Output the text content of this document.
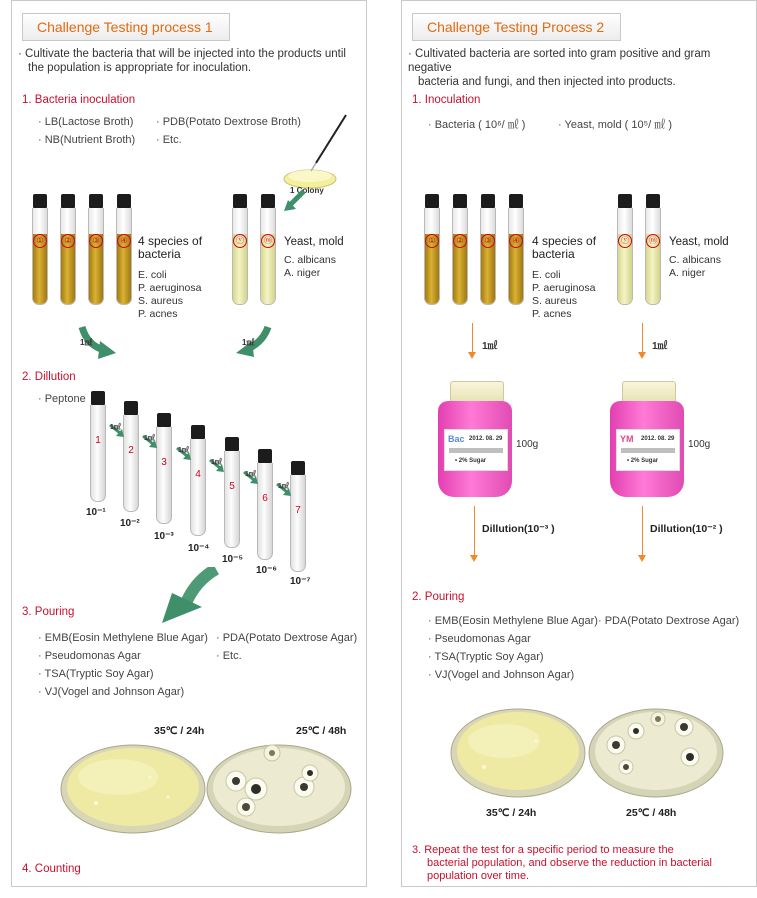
Challenge Testing process 1
· Cultivate the bacteria that will be injected into the products until
the population is appropriate for inoculation.
1. Bacteria inoculation
· LB(Lactose Broth)
· NB(Nutrient Broth)
· PDB(Potato Dextrose Broth)
· Etc.
1 Colony
①	②	③	④ 4 species of
bacteria
E. coli
P. aeruginosa
S. aureus
P. acnes
ⓨ	ⓜ Yeast, mold
C. albicans
A. niger
1㎖	1㎖
2. Dillution
· Peptone
1
10⁻¹
2
10⁻²
3
10⁻³
4
10⁻⁴
5
10⁻⁵
6
10⁻⁶
7
10⁻⁷
1㎖
1㎖
1㎖
1㎖
1㎖
1㎖
3. Pouring
· EMB(Eosin Methylene Blue Agar)
· Pseudomonas Agar
· TSA(Tryptic Soy Agar)
· VJ(Vogel and Johnson Agar)
· PDA(Potato Dextrose Agar)
· Etc.
35℃ / 24h	25℃ / 48h
4. Counting
Challenge Testing Process 2
· Cultivated bacteria are sorted into gram positive and gram negative
bacteria and fungi, and then injected into products.
1. Inoculation
· Bacteria ( 10⁶/ ㎖ )	· Yeast, mold ( 10⁵/ ㎖ )
①	②	③	④ 4 species of
bacteria
E. coli
P. aeruginosa
S. aureus
P. acnes
ⓨ	ⓜ Yeast, mold
C. albicans
A. niger
1㎖	1㎖
Bac 2012. 08. 29
• 2% Sugar
100g	YM 2012. 08. 29
• 2% Sugar
100g
Dillution(10⁻³ )	Dillution(10⁻² )
2. Pouring
· EMB(Eosin Methylene Blue Agar)
· Pseudomonas Agar
· TSA(Tryptic Soy Agar)
· VJ(Vogel and Johnson Agar)
· PDA(Potato Dextrose Agar)
35℃ / 24h	25℃ / 48h
3. Repeat the test for a specific period to measure the
bacterial population, and observe the reduction in bacterial
population over time.
